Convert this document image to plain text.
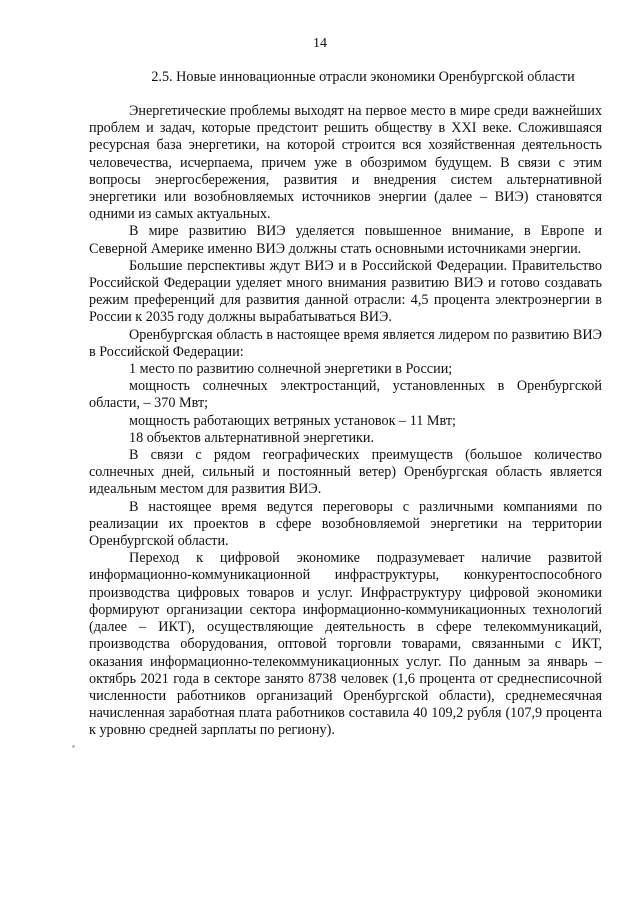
14
2.5. Новые инновационные отрасли экономики Оренбургской области

Энергетические проблемы выходят на первое место в мире среди важнейших проблем и задач, которые предстоит решить обществу в XXI веке. Сложившаяся ресурсная база энергетики, на которой строится вся хозяйственная деятельность человечества, исчерпаема, причем уже в обозримом будущем. В связи с этим вопросы энергосбережения, развития и внедрения систем альтернативной энергетики или возобновляемых источников энергии (далее – ВИЭ) становятся одними из самых актуальных.

В мире развитию ВИЭ уделяется повышенное внимание, в Европе и Северной Америке именно ВИЭ должны стать основными источниками энергии.

Большие перспективы ждут ВИЭ и в Российской Федерации. Правительство Российской Федерации уделяет много внимания развитию ВИЭ и готово создавать режим преференций для развития данной отрасли: 4,5 процента электроэнергии в России к 2035 году должны вырабатываться ВИЭ.

Оренбургская область в настоящее время является лидером по развитию ВИЭ в Российской Федерации:

1 место по развитию солнечной энергетики в России;

мощность солнечных электростанций, установленных в Оренбургской области, – 370 Мвт;

мощность работающих ветряных установок – 11 Мвт;

18 объектов альтернативной энергетики.

В связи с рядом географических преимуществ (большое количество солнечных дней, сильный и постоянный ветер) Оренбургская область является идеальным местом для развития ВИЭ.

В настоящее время ведутся переговоры с различными компаниями по реализации их проектов в сфере возобновляемой энергетики на территории Оренбургской области.

Переход к цифровой экономике подразумевает наличие развитой информационно-коммуникационной инфраструктуры, конкурентоспособного производства цифровых товаров и услуг. Инфраструктуру цифровой экономики формируют организации сектора информационно-коммуникационных технологий (далее – ИКТ), осуществляющие деятельность в сфере телекоммуникаций, производства оборудования, оптовой торговли товарами, связанными с ИКТ, оказания информационно-телекоммуникационных услуг. По данным за январь – октябрь 2021 года в секторе занято 8738 человек (1,6 процента от среднесписочной численности работников организаций Оренбургской области), среднемесячная начисленная заработная плата работников составила 40 109,2 рубля (107,9 процента к уровню средней зарплаты по региону).
